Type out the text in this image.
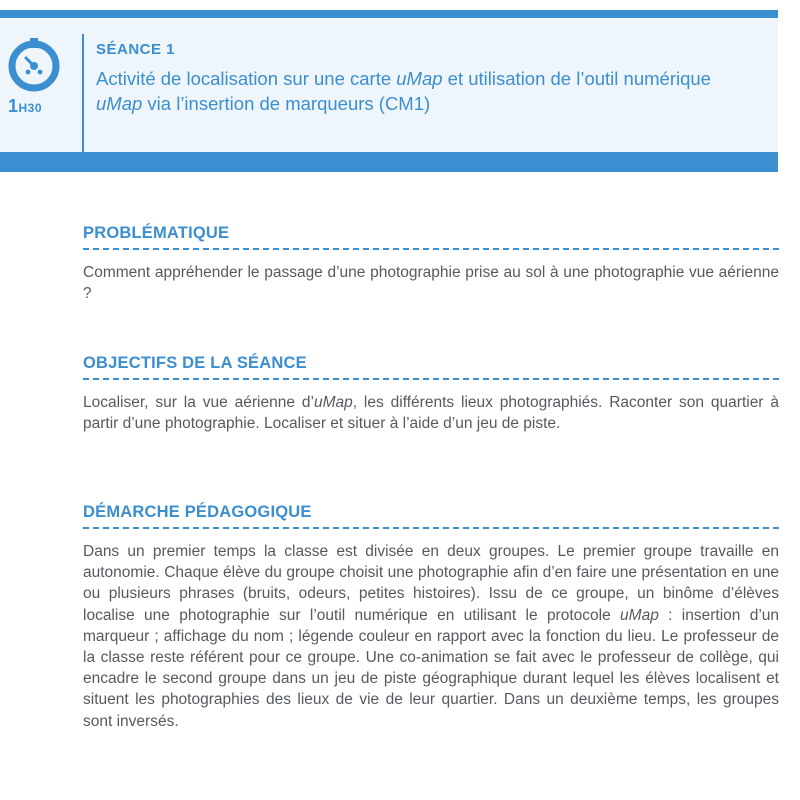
1H30
SÉANCE 1
Activité de localisation sur une carte uMap et utilisation de l’outil numérique uMap via l’insertion de marqueurs (CM1)
PROBLÉMATIQUE
Comment appréhender le passage d’une photographie prise au sol à une photographie vue aérienne ?
OBJECTIFS DE LA SÉANCE
Localiser, sur la vue aérienne d’uMap, les différents lieux photographiés. Raconter son quartier à partir d’une photographie. Localiser et situer à l’aide d’un jeu de piste.
DÉMARCHE PÉDAGOGIQUE
Dans un premier temps la classe est divisée en deux groupes. Le premier groupe travaille en autonomie. Chaque élève du groupe choisit une photographie afin d’en faire une présentation en une ou plusieurs phrases (bruits, odeurs, petites histoires). Issu de ce groupe, un binôme d’élèves localise une photographie sur l’outil numérique en utilisant le protocole uMap : insertion d’un marqueur ; affichage du nom ; légende couleur en rapport avec la fonction du lieu. Le professeur de la classe reste référent pour ce groupe. Une co-animation se fait avec le professeur de collège, qui encadre le second groupe dans un jeu de piste géographique durant lequel les élèves localisent et situent les photographies des lieux de vie de leur quartier. Dans un deuxième temps, les groupes sont inversés.
